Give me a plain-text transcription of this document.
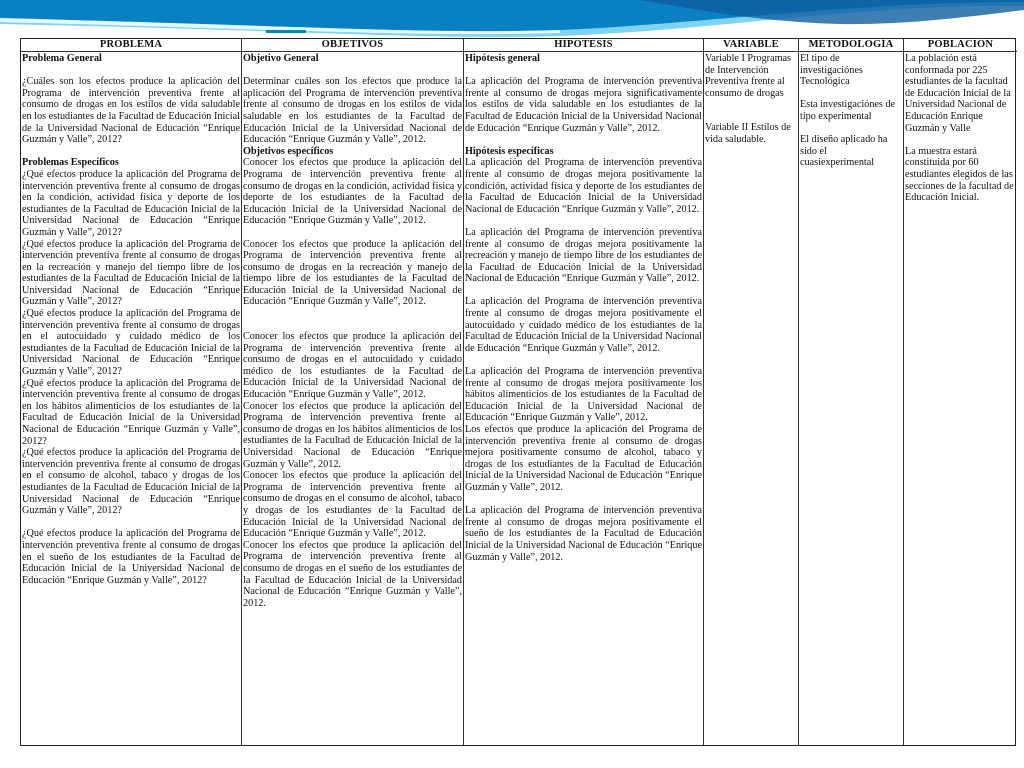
PROBLEMA

Problema General

¿Cuáles son los efectos produce la aplicación del Programa de intervención preventiva frente al consumo de drogas en los estilos de vida saludable en los estudiantes de la Facultad de Educación Inicial de la Universidad Nacional de Educación “Enrique Guzmán y Valle”, 2012?

Problemas Específicos

¿Qué efectos produce la aplicación del Programa de intervención preventiva frente al consumo de drogas en la condición, actividad física y deporte de los estudiantes de la Facultad de Educación Inicial de la Universidad Nacional de Educación “Enrique Guzmán y Valle”, 2012?

¿Qué efectos produce la aplicación del Programa de intervención preventiva frente al consumo de drogas en la recreación y manejo del tiempo libre de los estudiantes de la Facultad de Educación Inicial de la Universidad Nacional de Educación “Enrique Guzmán y Valle”, 2012?

¿Qué efectos produce la aplicación del Programa de intervención preventiva frente al consumo de drogas en el autocuidado y cuidado médico de los estudiantes de la Facultad de Educación Inicial de la Universidad Nacional de Educación “Enrique Guzmán y Valle”, 2012?

¿Qué efectos produce la aplicación del Programa de intervención preventiva frente al consumo de drogas en los hábitos alimenticios de los estudiantes de la Facultad de Educación Inicial de la Universidad Nacional de Educación “Enrique Guzmán y Valle”, 2012?

¿Qué efectos produce la aplicación del Programa de intervención preventiva frente al consumo de drogas en el consumo de alcohol, tabaco y drogas de los estudiantes de la Facultad de Educación Inicial de la Universidad Nacional de Educación “Enrique Guzmán y Valle”, 2012?

¿Qué efectos produce la aplicación del Programa de intervención preventiva frente al consumo de drogas en el sueño de los estudiantes de la Facultad de Educación Inicial de la Universidad Nacional de Educación “Enrique Guzmán y Valle”, 2012?

OBJETIVOS

Objetivo General

Determinar cuáles son los efectos que produce la aplicación del Programa de intervención preventiva frente al consumo de drogas en los estilos de vida saludable en los estudiantes de la Facultad de Educación Inicial de la Universidad Nacional de Educación “Enrique Guzmán y Valle”, 2012.

Objetivos específicos

Conocer los efectos que produce la aplicación del Programa de intervención preventiva frente al consumo de drogas en la condición, actividad física y deporte de los estudiantes de la Facultad de Educación Inicial de la Universidad Nacional de Educación “Enrique Guzmán y Valle”, 2012.

Conocer los efectos que produce la aplicación del Programa de intervención preventiva frente al consumo de drogas en la recreación y manejo de tiempo libre de los estudiantes de la Facultad de Educación Inicial de la Universidad Nacional de Educación “Enrique Guzmán y Valle”, 2012.

Conocer los efectos que produce la aplicación del Programa de intervención preventiva frente al consumo de drogas en el autocuidado y cuidado médico de los estudiantes de la Facultad de Educación Inicial de la Universidad Nacional de Educación “Enrique Guzmán y Valle”, 2012.

Conocer los efectos que produce la aplicación del Programa de intervención preventiva frente al consumo de drogas en los hábitos alimenticios de los estudiantes de la Facultad de Educación Inicial de la Universidad Nacional de Educación “Enrique Guzmán y Valle”, 2012.

Conocer los efectos que produce la aplicación del Programa de intervención preventiva frente al consumo de drogas en el consumo de alcohol, tabaco y drogas de los estudiantes de la Facultad de Educación Inicial de la Universidad Nacional de Educación “Enrique Guzmán y Valle”, 2012.

Conocer los efectos que produce la aplicación del Programa de intervención preventiva frente al consumo de drogas en el sueño de los estudiantes de la Facultad de Educación Inicial de la Universidad Nacional de Educación “Enrique Guzmán y Valle”, 2012.

HIPÓTESIS

Hipótesis general

La aplicación del Programa de intervención preventiva frente al consumo de drogas mejora significativamente los estilos de vida saludable en los estudiantes de la Facultad de Educación Inicial de la Universidad Nacional de Educación “Enrique Guzmán y Valle”, 2012.

Hipótesis específicas

La aplicación del Programa de intervención preventiva frente al consumo de drogas mejora positivamente la condición, actividad física y deporte de los estudiantes de la Facultad de Educación Inicial de la Universidad Nacional de Educación “Enrique Guzmán y Valle”, 2012.

La aplicación del Programa de intervención preventiva frente al consumo de drogas mejora positivamente la recreación y manejo de tiempo libre de los estudiantes de la Facultad de Educación Inicial de la Universidad Nacional de Educación “Enrique Guzmán y Valle”, 2012.

La aplicación del Programa de intervención preventiva frente al consumo de drogas mejora positivamente el autocuidado y cuidado médico de los estudiantes de la Facultad de Educación Inicial de la Universidad Nacional de Educación “Enrique Guzmán y Valle”, 2012.

La aplicación del Programa de intervención preventiva frente al consumo de drogas mejora positivamente los hábitos alimenticios de los estudiantes de la Facultad de Educación Inicial de la Universidad Nacional de Educación “Enrique Guzmán y Valle”, 2012.

Los efectos que produce la aplicación del Programa de intervención preventiva frente al consumo de drogas mejora positivamente consumo de alcohol, tabaco y drogas de los estudiantes de la Facultad de Educación Inicial de la Universidad Nacional de Educación “Enrique Guzmán y Valle”, 2012.

La aplicación del Programa de intervención preventiva frente al consumo de drogas mejora positivamente el sueño de los estudiantes de la Facultad de Educación Inicial de la Universidad Nacional de Educación “Enrique Guzmán y Valle”, 2012.

VARIABLE

Variable I Programas de Intervención Preventiva frente al consumo de drogas

Variable II Estilos de vida saludable.

METODOLOGÍA

El tipo de investigaciónes Tecnológica

Esta investigaciónes de tipo experimental

El diseño aplicado ha sido el cuasiexperimental

POBLACIÓN

La población está conformada por 225 estudiantes de la facultad de Educación Inicial de la Universidad Nacional de Educación Enrique Guzmán y Valle

La muestra estará constituida por 60 estudiantes elegidos de las secciones de la facultad de Educación Inicial.
